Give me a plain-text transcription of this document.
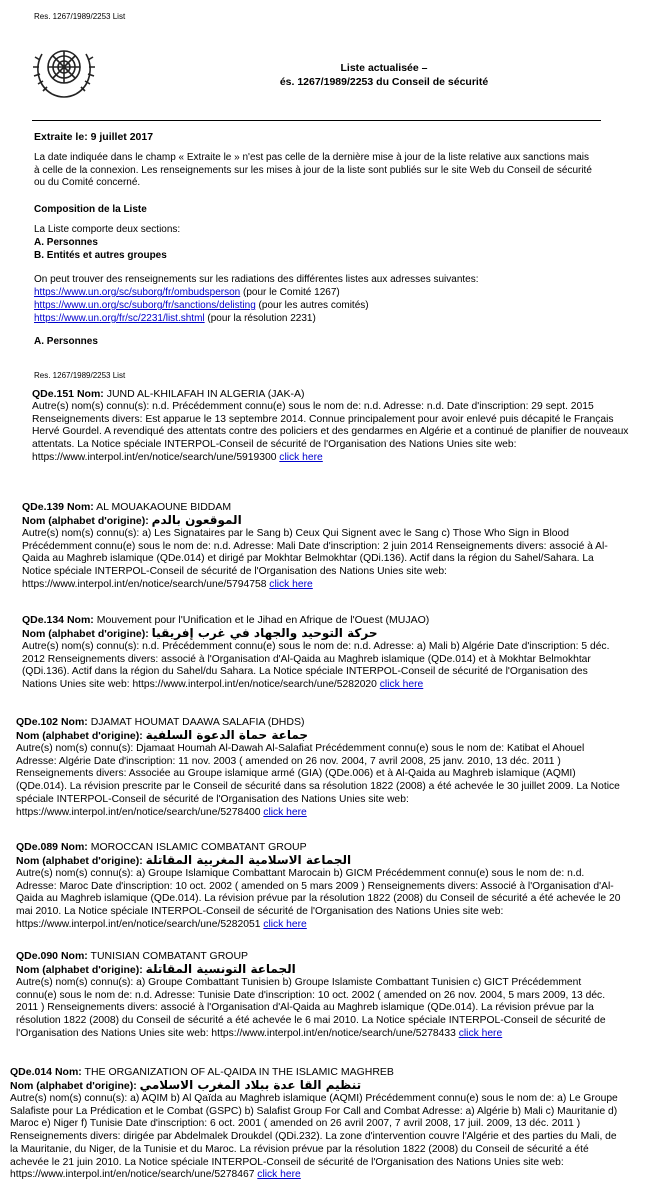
Res. 1267/1989/2253 List
Liste actualisée –
és. 1267/1989/2253 du Conseil de sécurité
Extraite le: 9 juillet 2017
La date indiquée dans le champ « Extraite le » n'est pas celle de la dernière mise à jour de la liste relative aux sanctions mais à celle de la connexion. Les renseignements sur les mises à jour de la liste sont publiés sur le site Web du Conseil de sécurité ou du Comité concerné.
Composition de la Liste
La Liste comporte deux sections:
A. Personnes
B. Entités et autres groupes
On peut trouver des renseignements sur les radiations des différentes listes aux adresses suivantes:
https://www.un.org/sc/suborg/fr/ombudsperson (pour le Comité 1267)
https://www.un.org/sc/suborg/fr/sanctions/delisting (pour les autres comités)
https://www.un.org/fr/sc/2231/list.shtml (pour la résolution 2231)
A. Personnes
Res. 1267/1989/2253 List
QDe.151 Nom: JUND AL-KHILAFAH IN ALGERIA (JAK-A)
Autre(s) nom(s) connu(s): n.d. Précédemment connu(e) sous le nom de: n.d. Adresse: n.d. Date d'inscription: 29 sept. 2015 Renseignements divers: Est apparue le 13 septembre 2014. Connue principalement pour avoir enlevé puis décapité le Français Hervé Gourdel. A revendiqué des attentats contre des policiers et des gendarmes en Algérie et a continué de planifier de nouveaux attentats. La Notice spéciale INTERPOL-Conseil de sécurité de l'Organisation des Nations Unies site web: https://www.interpol.int/en/notice/search/une/5919300 click here
QDe.139 Nom: AL MOUAKAOUNE BIDDAM
Nom (alphabet d'origine): الموقعون بالدم
Autre(s) nom(s) connu(s): a) Les Signataires par le Sang b) Ceux Qui Signent avec le Sang c) Those Who Sign in Blood Précédemment connu(e) sous le nom de: n.d. Adresse: Mali Date d'inscription: 2 juin 2014 Renseignements divers: associé à Al-Qaida au Maghreb islamique (QDe.014) et dirigé par Mokhtar Belmokhtar (QDi.136). Actif dans la région du Sahel/Sahara. La Notice spéciale INTERPOL-Conseil de sécurité de l'Organisation des Nations Unies site web: https://www.interpol.int/en/notice/search/une/5794758 click here
QDe.134 Nom: Mouvement pour l'Unification et le Jihad en Afrique de l'Ouest (MUJAO)
Nom (alphabet d'origine): حركة التوحيد والجهاد في غرب إفريقيا
Autre(s) nom(s) connu(s): n.d. Précédemment connu(e) sous le nom de: n.d. Adresse: a) Mali b) Algérie Date d'inscription: 5 déc. 2012 Renseignements divers: associé à l'Organisation d'Al-Qaida au Maghreb islamique (QDe.014) et à Mokhtar Belmokhtar (QDi.136). Actif dans la région du Sahel/du Sahara. La Notice spéciale INTERPOL-Conseil de sécurité de l'Organisation des Nations Unies site web: https://www.interpol.int/en/notice/search/une/5282020 click here
QDe.102 Nom: DJAMAT HOUMAT DAAWA SALAFIA (DHDS)
Nom (alphabet d'origine): جماعة حماة الدعوة السلفية
Autre(s) nom(s) connu(s): Djamaat Houmah Al-Dawah Al-Salafiat Précédemment connu(e) sous le nom de: Katibat el Ahouel Adresse: Algérie Date d'inscription: 11 nov. 2003 ( amended on 26 nov. 2004, 7 avril 2008, 25 janv. 2010, 13 déc. 2011 ) Renseignements divers: Associée au Groupe islamique armé (GIA) (QDe.006) et à Al-Qaida au Maghreb islamique (AQMI) (QDe.014). La révision prescrite par le Conseil de sécurité dans sa résolution 1822 (2008) a été achevée le 30 juillet 2009. La Notice spéciale INTERPOL-Conseil de sécurité de l'Organisation des Nations Unies site web: https://www.interpol.int/en/notice/search/une/5278400 click here
QDe.089 Nom: MOROCCAN ISLAMIC COMBATANT GROUP
Nom (alphabet d'origine): الجماعة الاسلامية المغربية المقاتلة
Autre(s) nom(s) connu(s): a) Groupe Islamique Combattant Marocain b) GICM Précédemment connu(e) sous le nom de: n.d. Adresse: Maroc Date d'inscription: 10 oct. 2002 ( amended on 5 mars 2009 ) Renseignements divers: Associé à l'Organisation d'Al-Qaida au Maghreb islamique (QDe.014). La révision prévue par la résolution 1822 (2008) du Conseil de sécurité a été achevée le 20 mai 2010. La Notice spéciale INTERPOL-Conseil de sécurité de l'Organisation des Nations Unies site web: https://www.interpol.int/en/notice/search/une/5282051 click here
QDe.090 Nom: TUNISIAN COMBATANT GROUP
Nom (alphabet d'origine): الجماعة التونسية المقاتلة
Autre(s) nom(s) connu(s): a) Groupe Combattant Tunisien b) Groupe Islamiste Combattant Tunisien c) GICT Précédemment connu(e) sous le nom de: n.d. Adresse: Tunisie Date d'inscription: 10 oct. 2002 ( amended on 26 nov. 2004, 5 mars 2009, 13 déc. 2011 ) Renseignements divers: associé à l'Organisation d'Al-Qaida au Maghreb islamique (QDe.014). La révision prévue par la résolution 1822 (2008) du Conseil de sécurité a été achevée le 6 mai 2010. La Notice spéciale INTERPOL-Conseil de sécurité de l'Organisation des Nations Unies site web: https://www.interpol.int/en/notice/search/une/5278433 click here
QDe.014 Nom: THE ORGANIZATION OF AL-QAIDA IN THE ISLAMIC MAGHREB
Nom (alphabet d'origine): تنظيم القا عدة ببلاد المغرب الاسلامي
Autre(s) nom(s) connu(s): a) AQIM b) Al Qaïda au Maghreb islamique (AQMI) Précédemment connu(e) sous le nom de: a) Le Groupe Salafiste pour La Prédication et le Combat (GSPC) b) Salafist Group For Call and Combat Adresse: a) Algérie b) Mali c) Mauritanie d) Maroc e) Niger f) Tunisie Date d'inscription: 6 oct. 2001 ( amended on 26 avril 2007, 7 avril 2008, 17 juil. 2009, 13 déc. 2011 ) Renseignements divers: dirigée par Abdelmalek Droukdel (QDi.232). La zone d'intervention couvre l'Algérie et des parties du Mali, de la Mauritanie, du Niger, de la Tunisie et du Maroc. La révision prévue par la résolution 1822 (2008) du Conseil de sécurité a été achevée le 21 juin 2010. La Notice spéciale INTERPOL-Conseil de sécurité de l'Organisation des Nations Unies site web: https://www.interpol.int/en/notice/search/une/5278467 click here
